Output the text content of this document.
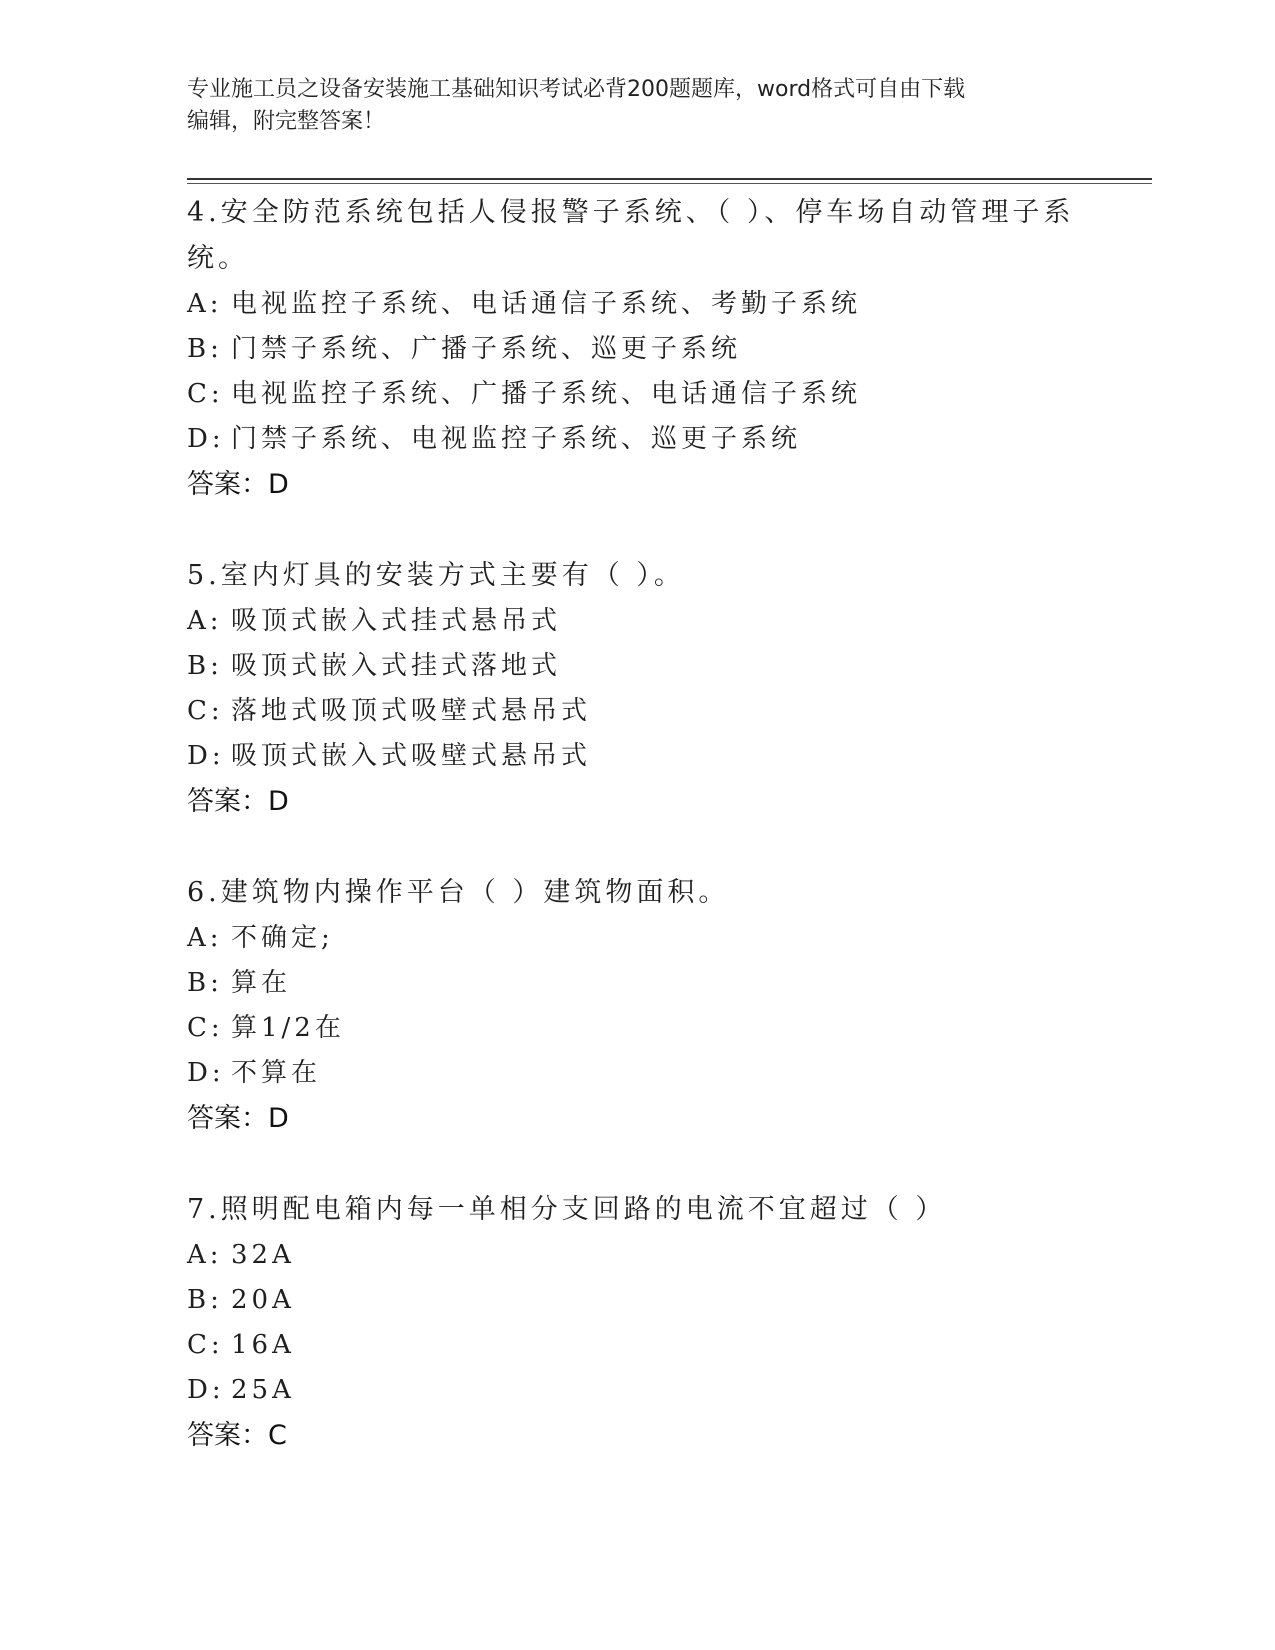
专业施工员之设备安装施工基础知识考试必背200题题库，word格式可自由下载
编辑，附完整答案！
4.安全防范系统包括人侵报警子系统、（ ）、停车场自动管理子系统。
A: 电视监控子系统、电话通信子系统、考勤子系统
B: 门禁子系统、广播子系统、巡更子系统
C: 电视监控子系统、广播子系统、电话通信子系统
D: 门禁子系统、电视监控子系统、巡更子系统
答案：D
5.室内灯具的安装方式主要有（ ）。
A: 吸顶式嵌入式挂式悬吊式
B: 吸顶式嵌入式挂式落地式
C: 落地式吸顶式吸壁式悬吊式
D: 吸顶式嵌入式吸壁式悬吊式
答案：D
6.建筑物内操作平台（ ）建筑物面积。
A: 不确定;
B: 算在
C: 算1/2在
D: 不算在
答案：D
7.照明配电箱内每一单相分支回路的电流不宜超过（ ）
A: 32A
B: 20A
C: 16A
D: 25A
答案：C
